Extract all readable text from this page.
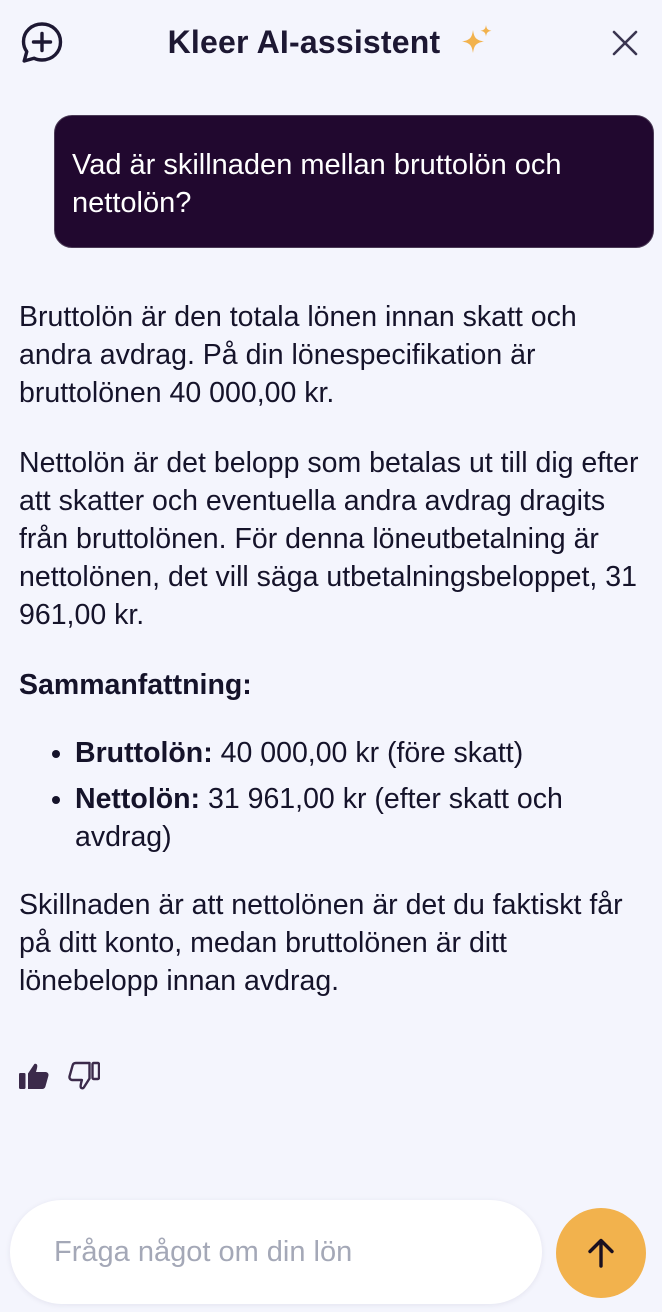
Kleer AI-assistent
Vad är skillnaden mellan bruttolön och nettolön?

Bruttolön är den totala lönen innan skatt och andra avdrag. På din lönespecifikation är bruttolönen 40 000,00 kr.

Nettolön är det belopp som betalas ut till dig efter att skatter och eventuella andra avdrag dragits från bruttolönen. För denna löneutbetalning är nettolönen, det vill säga utbetalningsbeloppet, 31 961,00 kr.

Sammanfattning:

• Bruttolön: 40 000,00 kr (före skatt)
• Nettolön: 31 961,00 kr (efter skatt och avdrag)

Skillnaden är att nettolönen är det du faktiskt får på ditt konto, medan bruttolönen är ditt lönebelopp innan avdrag.

Fråga något om din lön
